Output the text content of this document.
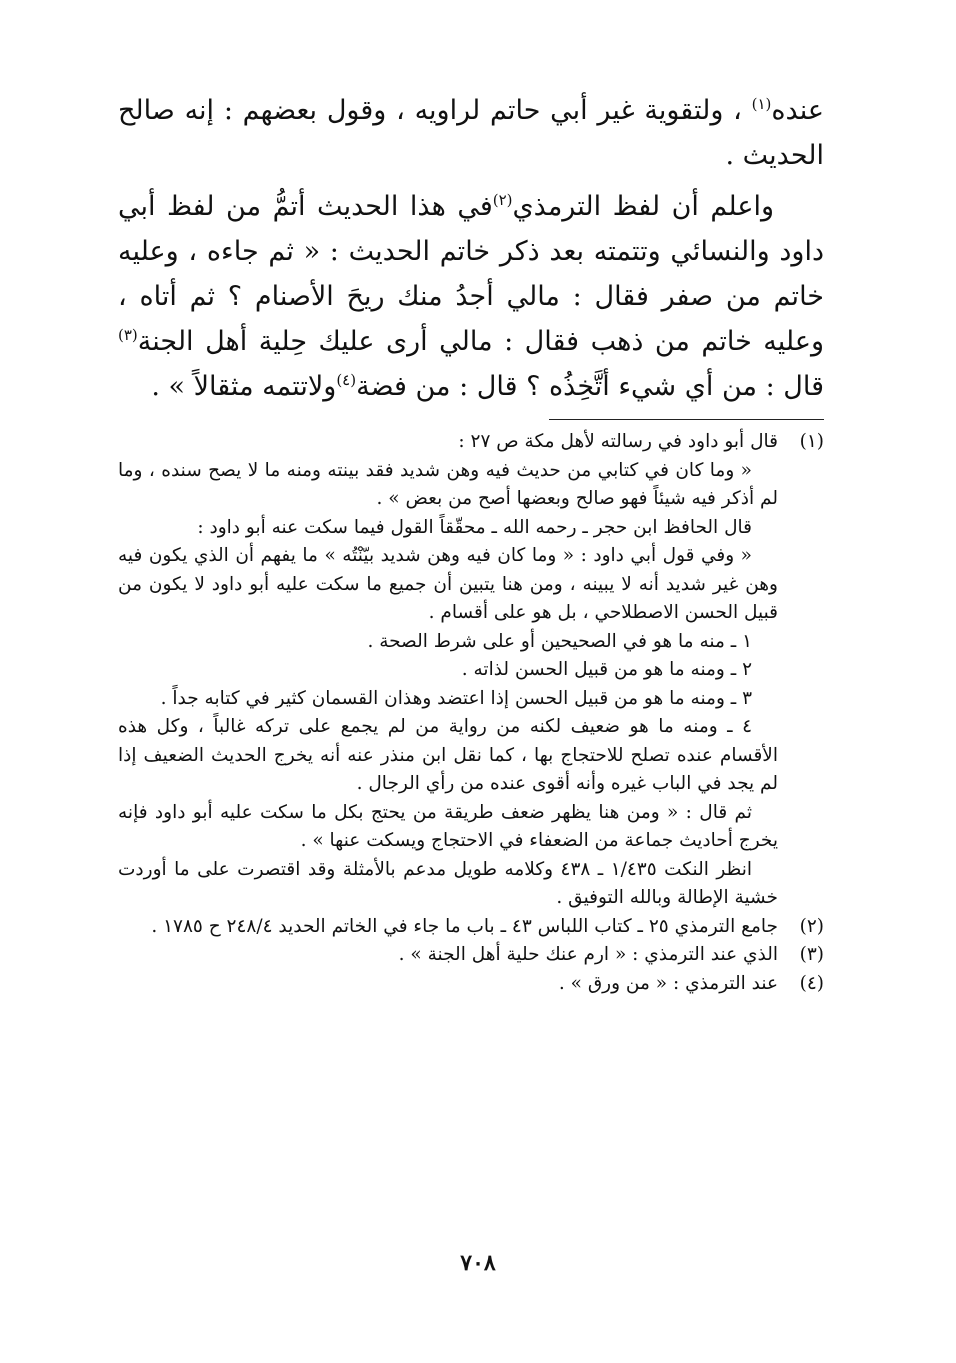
عنده$^{(١)}$ ، ولتقوية غير أبي حاتم لراويه ، وقول بعضهم : إنه صالح الحديث .

واعلم أن لفظ الترمذي$^{(٢)}$في هذا الحديث أتمُّ من لفظ أبي داود والنسائي وتتمته بعد ذكر خاتم الحديث : « ثم جاءه ، وعليه خاتم من صفر فقال : مالي أجدُ منك ريحَ الأصنام ؟ ثم أتاه ، وعليه خاتم من ذهب فقال : مالي أرى عليك حِلية أهل الجنة$^{(٣)}$ قال : من أي شيء أتَّخِذُه ؟ قال : من فضة$^{(٤)}$ولاتتمه مثقالاً » .

(١)

قال أبو داود في رسالته لأهل مكة ص ٢٧ :

« وما كان في كتابي من حديث فيه وهن شديد فقد بينته ومنه ما لا يصح سنده ، وما لم أذكر فيه شيئاً فهو صالح وبعضها أصح من بعض » .

قال الحافظ ابن حجر ـ رحمه الله ـ محقّقاً القول فيما سكت عنه أبو داود :

« وفي قول أبي داود : « وما كان فيه وهن شديد بيّنْتُه » ما يفهم أن الذي يكون فيه وهن غير شديد أنه لا يبينه ، ومن هنا يتبين أن جميع ما سكت عليه أبو داود لا يكون من قبيل الحسن الاصطلاحي ، بل هو على أقسام .

١ ـ منه ما هو في الصحيحين أو على شرط الصحة .

٢ ـ ومنه ما هو من قبيل الحسن لذاته .

٣ ـ ومنه ما هو من قبيل الحسن إذا اعتضد وهذان القسمان كثير في كتابه جداً .

٤ ـ ومنه ما هو ضعيف لكنه من رواية من لم يجمع على تركه غالباً ، وكل هذه الأقسام عنده تصلح للاحتجاج بها ، كما نقل ابن منذر عنه أنه يخرج الحديث الضعيف إذا لم يجد في الباب غيره وأنه أقوى عنده من رأي الرجال .

ثم قال : « ومن هنا يظهر ضعف طريقة من يحتج بكل ما سكت عليه أبو داود فإنه يخرج أحاديث جماعة من الضعفاء في الاحتجاج ويسكت عنها » .

انظر النكت ١/٤٣٥ ـ ٤٣٨ وكلامه طويل مدعم بالأمثلة وقد اقتصرت على ما أوردت خشية الإطالة وبالله التوفيق .

(٢)

جامع الترمذي ٢٥ ـ كتاب اللباس ٤٣ ـ باب ما جاء في الخاتم الحديد ٢٤٨/٤ ح ١٧٨٥ .

(٣)

الذي عند الترمذي : « ارم عنك حلية أهل الجنة » .

(٤)

عند الترمذي : « من ورق » .

٧٠٨
